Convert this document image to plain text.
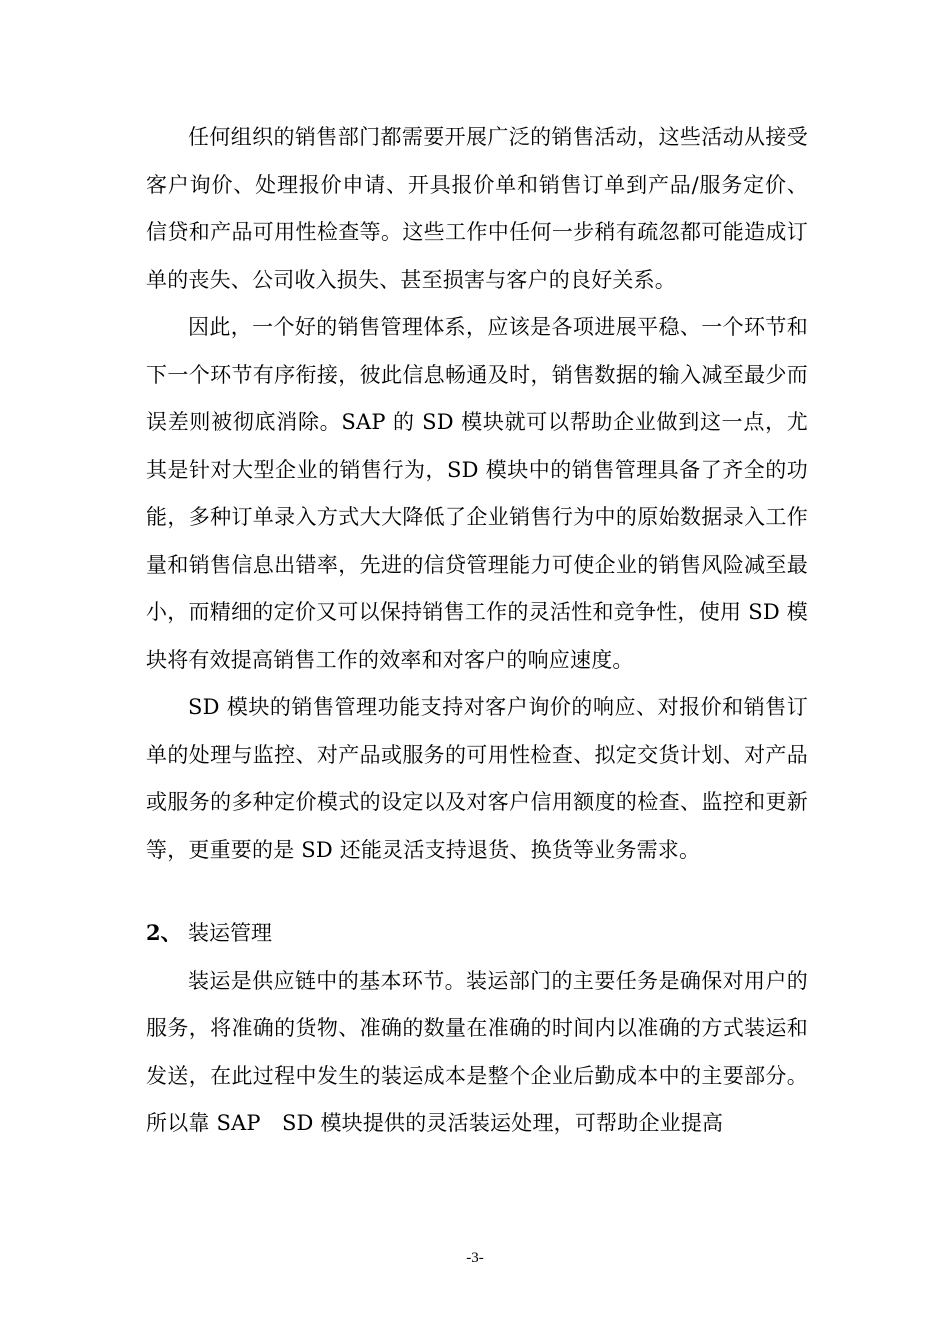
任何组织的销售部门都需要开展广泛的销售活动，这些活动从接受客户询价、处理报价申请、开具报价单和销售订单到产品/服务定价、信贷和产品可用性检查等。这些工作中任何一步稍有疏忽都可能造成订单的丧失、公司收入损失、甚至损害与客户的良好关系。

因此，一个好的销售管理体系，应该是各项进展平稳、一个环节和下一个环节有序衔接，彼此信息畅通及时，销售数据的输入减至最少而误差则被彻底消除。SAP 的 SD 模块就可以帮助企业做到这一点，尤其是针对大型企业的销售行为，SD 模块中的销售管理具备了齐全的功能，多种订单录入方式大大降低了企业销售行为中的原始数据录入工作量和销售信息出错率，先进的信贷管理能力可使企业的销售风险减至最小，而精细的定价又可以保持销售工作的灵活性和竞争性，使用 SD 模块将有效提高销售工作的效率和对客户的响应速度。

SD 模块的销售管理功能支持对客户询价的响应、对报价和销售订单的处理与监控、对产品或服务的可用性检查、拟定交货计划、对产品或服务的多种定价模式的设定以及对客户信用额度的检查、监控和更新等，更重要的是 SD 还能灵活支持退货、换货等业务需求。

2、 装运管理

装运是供应链中的基本环节。装运部门的主要任务是确保对用户的服务，将准确的货物、准确的数量在准确的时间内以准确的方式装运和发送，在此过程中发生的装运成本是整个企业后勤成本中的主要部分。所以靠 SAP　SD 模块提供的灵活装运处理，可帮助企业提高

-3-
